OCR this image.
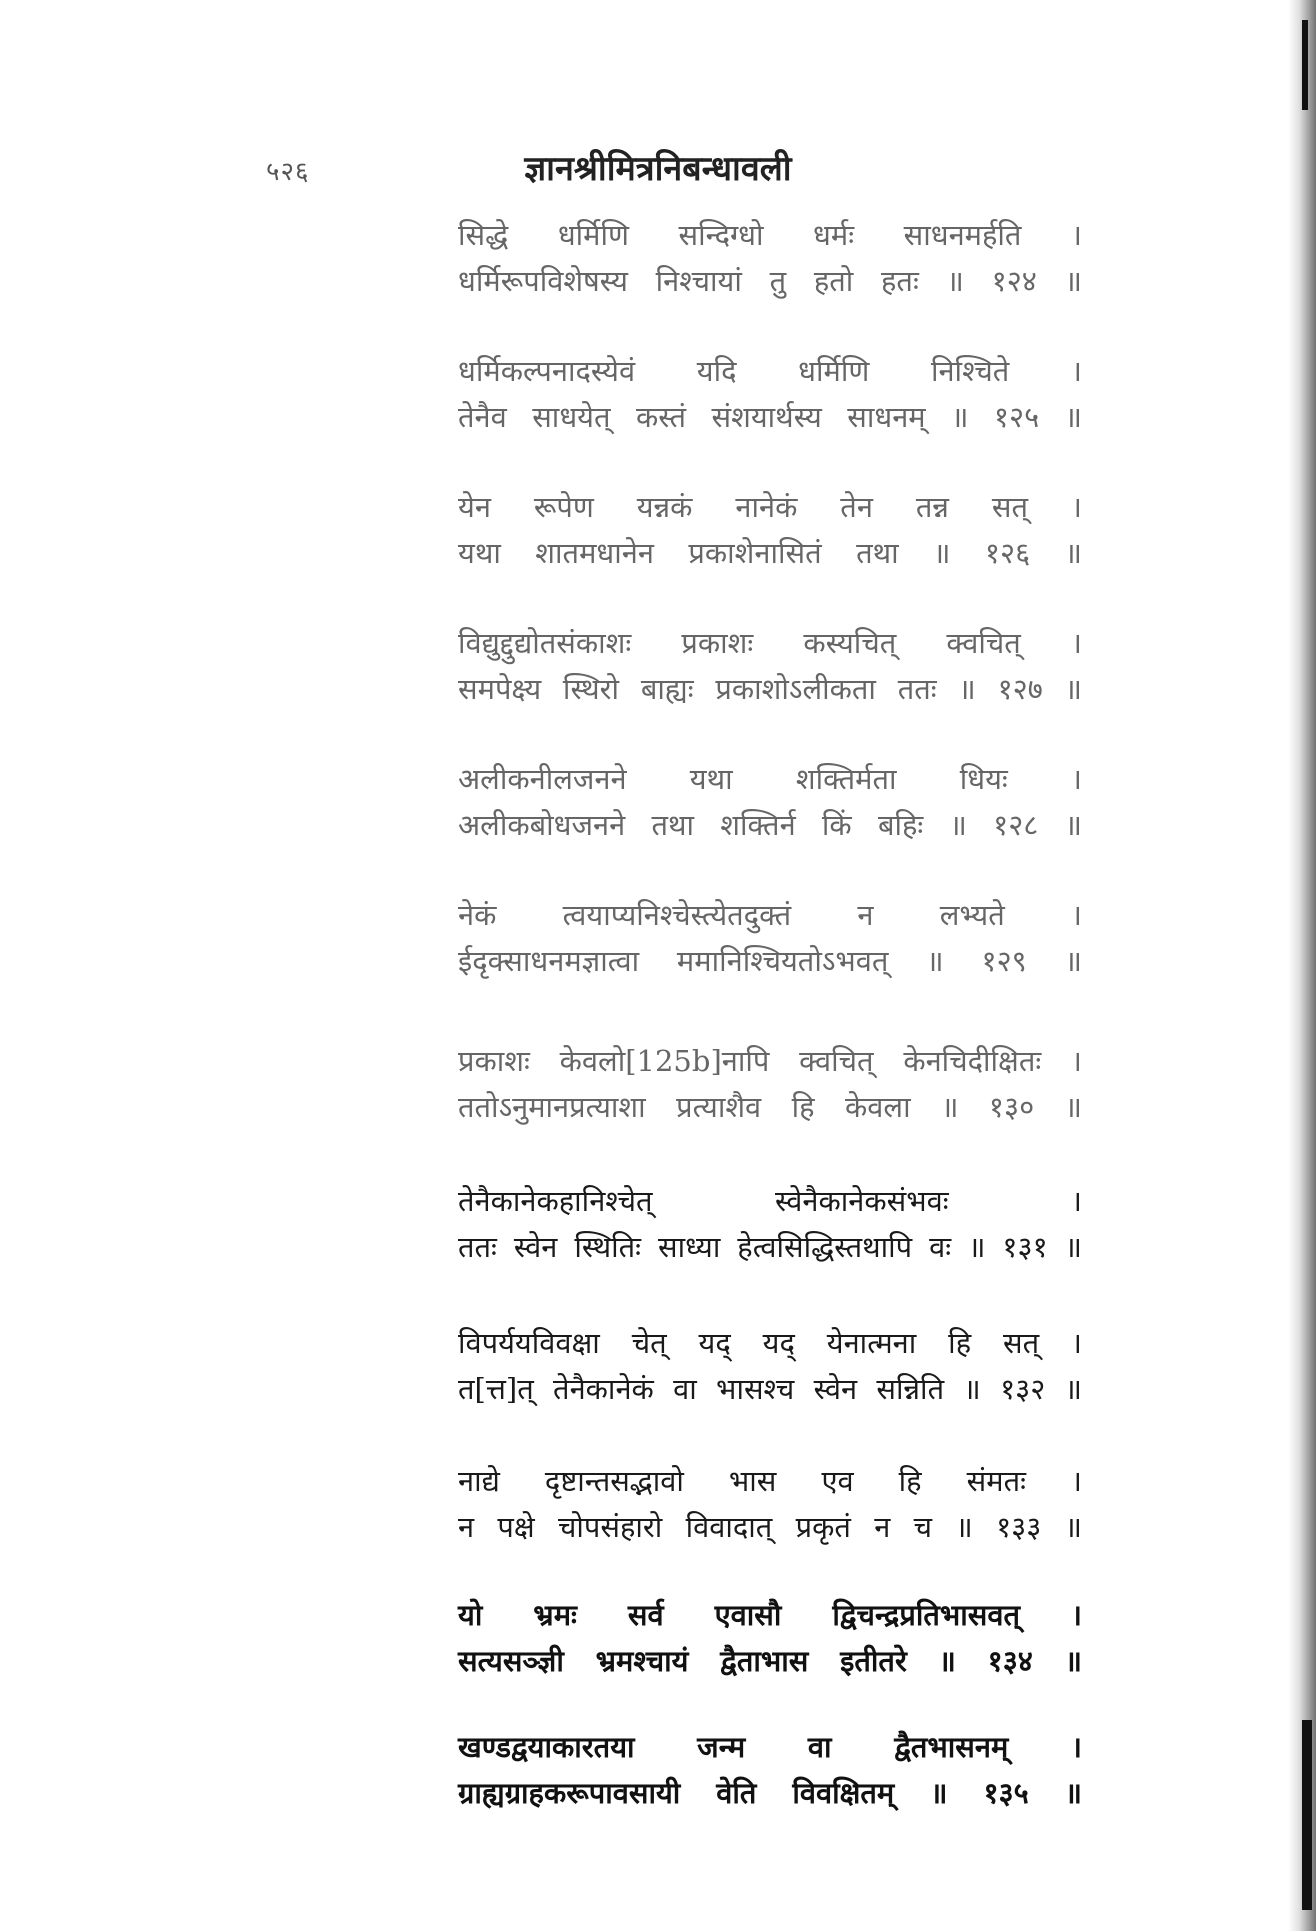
५२६	ज्ञानश्रीमित्रनिबन्धावली
सिद्धे धर्मिणि सन्दिग्धो धर्मः साधनमर्हति ।
धर्मिरूपविशेषस्य निश्चायां तु हतो हतः ॥ १२४ ॥
धर्मिकल्पनादस्येवं यदि धर्मिणि निश्चिते ।
तेनैव साधयेत् कस्तं संशयार्थस्य साधनम् ॥ १२५ ॥
येन रूपेण यन्नकं नानेकं तेन तन्न सत् ।
यथा शातमधानेन प्रकाशेनासितं तथा ॥ १२६ ॥
विद्युद्दुद्योतसंकाशः प्रकाशः कस्यचित् क्वचित् ।
समपेक्ष्य स्थिरो बाह्यः प्रकाशोऽलीकता ततः ॥ १२७ ॥
अलीकनीलजनने यथा शक्तिर्मता धियः ।
अलीकबोधजनने तथा शक्तिर्न किं बहिः ॥ १२८ ॥
नेकं त्वयाप्यनिश्चेस्त्येतदुक्तं न लभ्यते ।
ईदृक्साधनमज्ञात्वा ममानिश्चियतोऽभवत् ॥ १२९ ॥
प्रकाशः केवलो[125b]नापि क्वचित् केनचिदीक्षितः ।
ततोऽनुमानप्रत्याशा प्रत्याशैव हि केवला ॥ १३० ॥
तेनैकानेकहानिश्चेत् स्वेनैकानेकसंभवः ।
ततः स्वेन स्थितिः साध्या हेत्वसिद्धिस्तथापि वः ॥ १३१ ॥
विपर्ययविवक्षा चेत् यद् यद् येनात्मना हि सत् ।
त[त्त]त् तेनैकानेकं वा भासश्च स्वेन सन्निति ॥ १३२ ॥
नाद्ये दृष्टान्तसद्भावो भास एव हि संमतः ।
न पक्षे चोपसंहारो विवादात् प्रकृतं न च ॥ १३३ ॥
यो भ्रमः सर्व एवासौ द्विचन्द्रप्रतिभासवत् ।
सत्यसञ्ज्ञी भ्रमश्चायं द्वैताभास इतीतरे ॥ १३४ ॥
खण्डद्वयाकारतया जन्म वा द्वैतभासनम् ।
ग्राह्यग्राहकरूपावसायी वेति विवक्षितम् ॥ १३५ ॥
